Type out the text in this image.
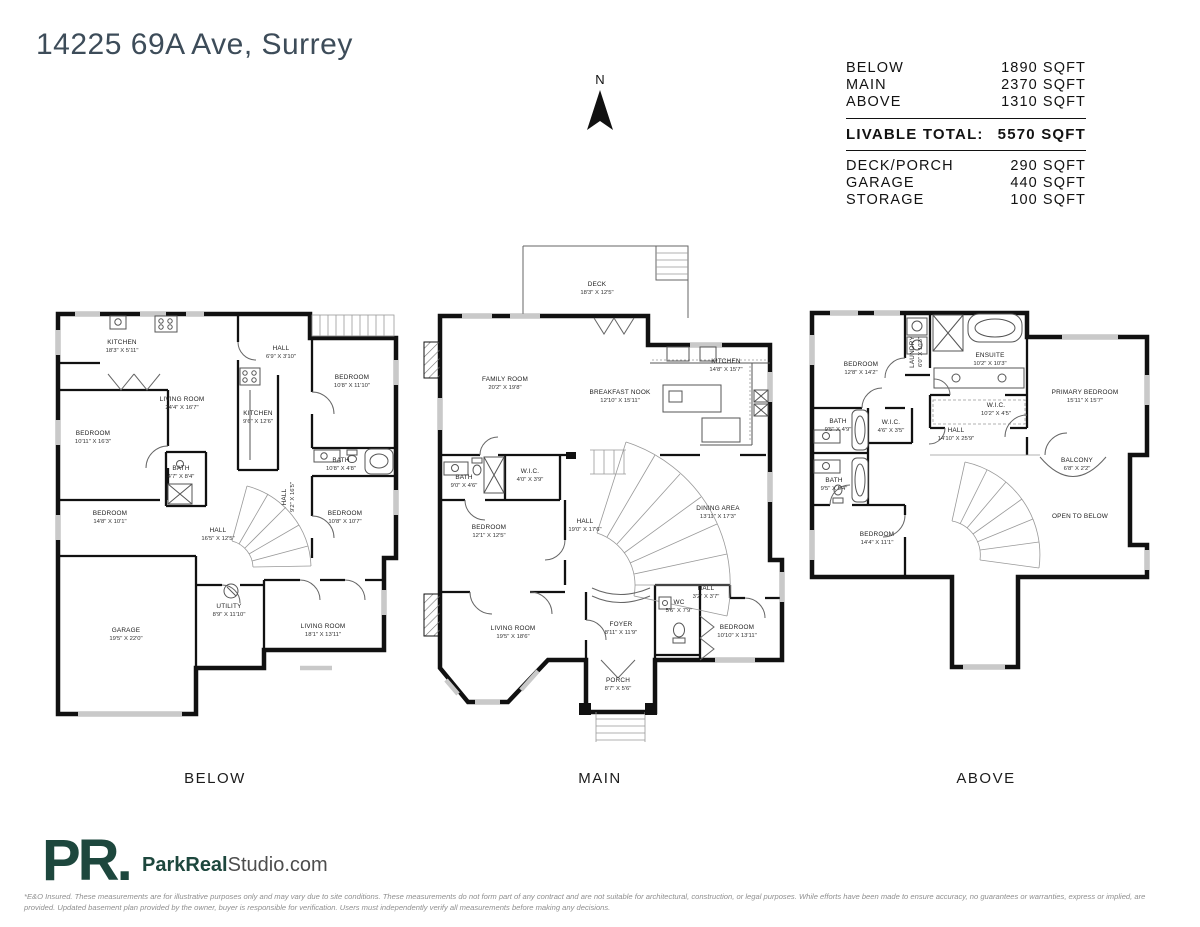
14225 69A Ave, Surrey
BELOW	1890 SQFT
MAIN	2370 SQFT
ABOVE	1310 SQFT
LIVABLE TOTAL: 5570 SQFT
DECK/PORCH	290 SQFT
GARAGE	440 SQFT
STORAGE	100 SQFT
N
KITCHEN
18'3" X 5'11"
LIVING ROOM
24'4" X 16'7"
BEDROOM
10'11" X 16'3"
HALL
6'9" X 3'10"
BEDROOM
10'8" X 11'10"
KITCHEN
9'6" X 12'6"
BATH
4'7" X 8'4"
BATH
10'8" X 4'8"
BEDROOM
14'8" X 10'1"
HALL
16'5" X 12'5"
HALL 9'2" X 16'5"
BEDROOM
10'8" X 10'7"
UTILITY
8'9" X 11'10"
GARAGE
19'5" X 22'0"
LIVING ROOM
18'1" X 13'11"
DECK
18'3" X 12'5"
FAMILY ROOM
20'2" X 19'8"
KITCHEN
14'8" X 15'7"
BREAKFAST NOOK
12'10" X 15'11"
BATH
9'0" X 4'6"
W.I.C.
4'0" X 3'9"
BEDROOM
12'1" X 12'5"
HALL
19'0" X 17'6"
DINING AREA
13'11" X 17'3"
HALL
3'2" X 3'7"
WC
5'6" X 7'9"
LIVING ROOM
19'5" X 18'6"
FOYER
8'11" X 11'9"
BEDROOM
10'10" X 13'11"
PORCH
8'7" X 5'6"
BEDROOM
12'8" X 14'2"
LAUNDRY 6'0" X 10'3"	ENSUITE
10'2" X 10'3"
PRIMARY BEDROOM
15'11" X 15'7"
W.I.C.
10'2" X 4'5"
HALL
14'10" X 25'9"
BATH
9'5" X 4'9"
W.I.C.
4'6" X 3'5"
BATH
9'5" X 5'4"
BEDROOM
14'4" X 11'1"
BALCONY
6'8" X 2'2"
OPEN TO BELOW
PR. ParkRealStudio.com
BELOW	MAIN	ABOVE
*E&O Insured. These measurements are for illustrative purposes only and may vary due to site conditions. These measurements do not form part of any contract and are not suitable for architectural, construction, or legal purposes. While efforts have been made to ensure accuracy, no guarantees or warranties, express or implied, are provided. Updated basement plan provided by the owner, buyer is responsible for verification. Users must independently verify all measurements before making any decisions.
